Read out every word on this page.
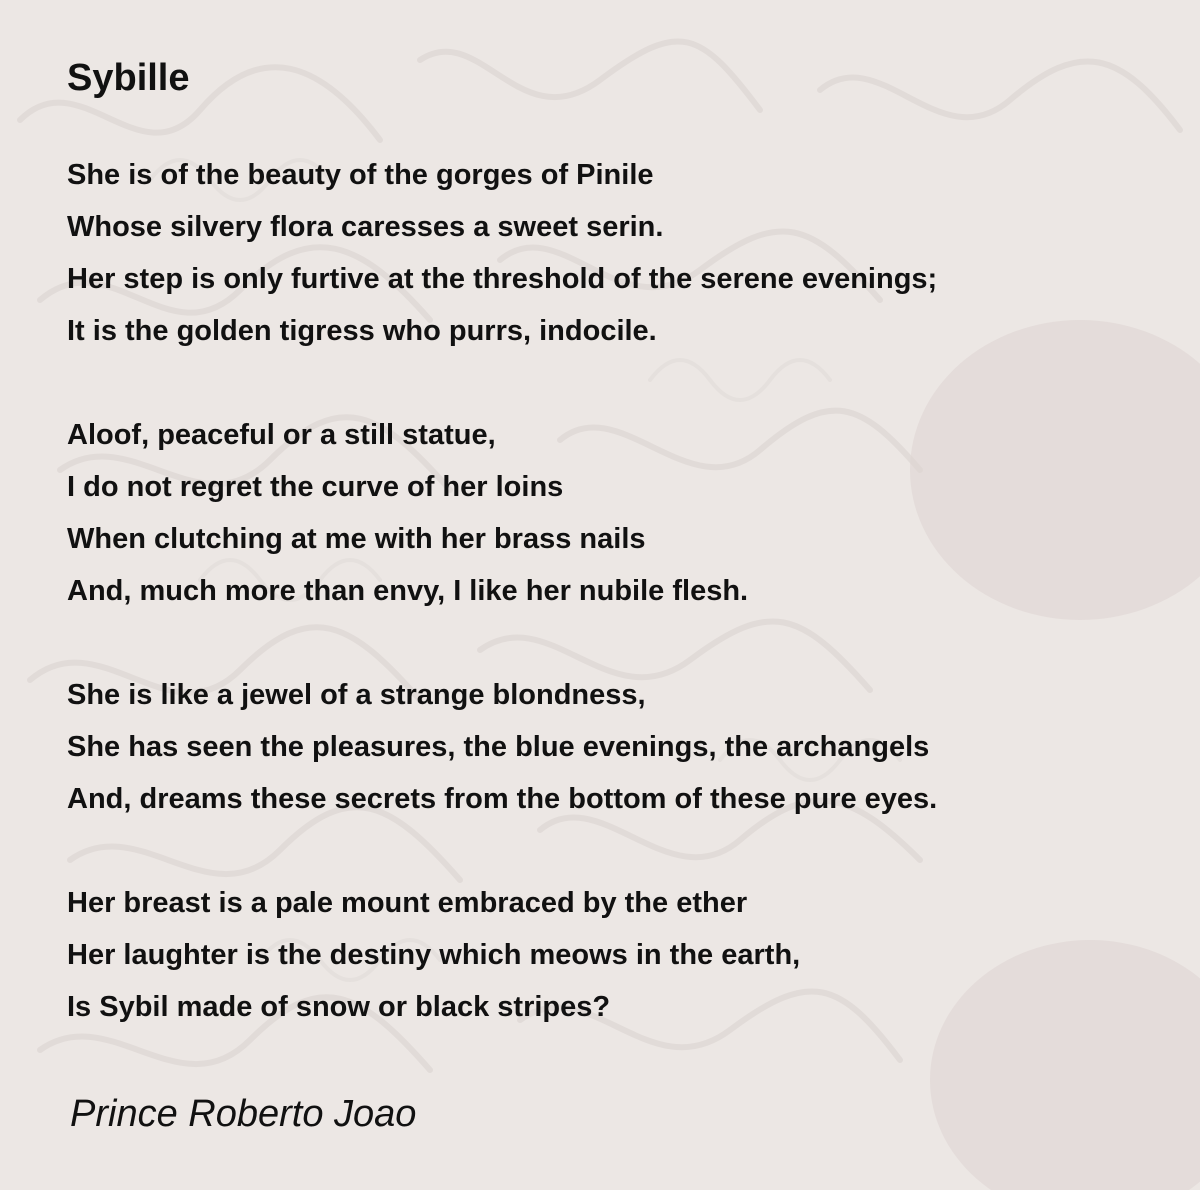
Sybille
She is of the beauty of the gorges of Pinile
Whose silvery flora caresses a sweet serin.
Her step is only furtive at the threshold of the serene evenings;
It is the golden tigress who purrs, indocile.
Aloof, peaceful or a still statue,
I do not regret the curve of her loins
When clutching at me with her brass nails
And, much more than envy, I like her nubile flesh.
She is like a jewel of a strange blondness,
She has seen the pleasures, the blue evenings, the archangels
And, dreams these secrets from the bottom of these pure eyes.
Her breast is a pale mount embraced by the ether
Her laughter is the destiny which meows in the earth,
Is Sybil made of snow or black stripes?
Prince Roberto Joao
